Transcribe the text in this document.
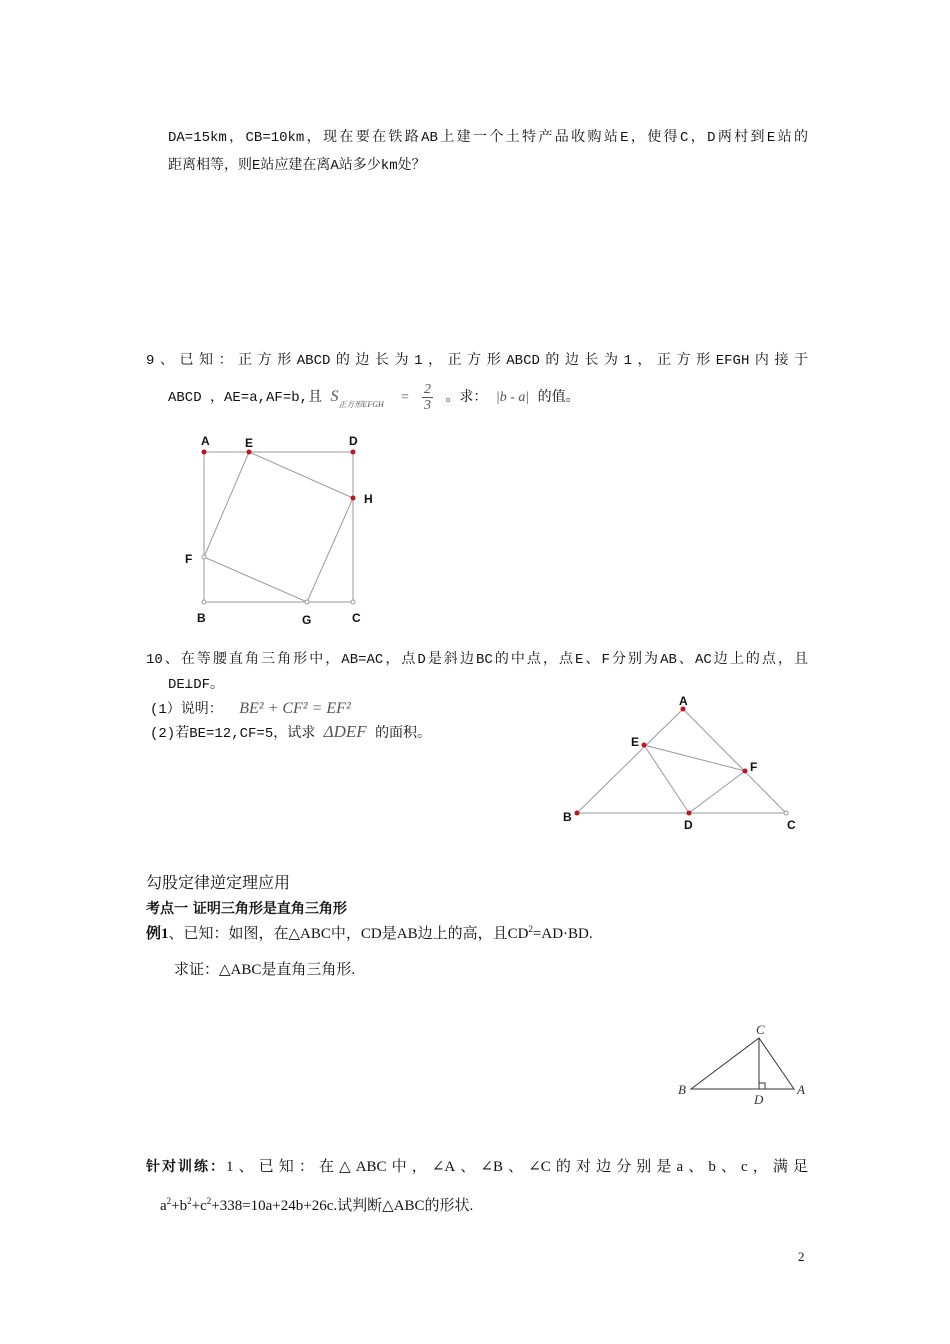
DA=15km，CB=10km，现在要在铁路AB上建一个土特产品收购站E，使得C，D两村到E站的
距离相等，则E站应建在离A站多少km处？
9、已知：正方形ABCD的边长为1，正方形ABCD的边长为1，正方形EFGH内接于
ABCD ，AE=a,AF=b,且 $S_{正方形EFGH} = \frac{2}{3}$ 。求： |b - a| 的值。
A	E	D
H
F
B	G	C
10、在等腰直角三角形中，AB=AC，点D是斜边BC的中点，点E、F分别为AB、AC边上的点，且
DE⊥DF。
(1）说明： BE² + CF² = EF²
(2)若BE=12,CF=5，试求 ΔDEF 的面积。
A
E
F
B
D	C
勾股定律逆定理应用
考点一 证明三角形是直角三角形
例1、已知：如图，在△ABC中，CD是AB边上的高，且$CD^2=AD\cdot BD$.
求证：△ABC是直角三角形.
C
B
D
A
针对训练： 1、已知：在△ABC中，∠A、∠B、∠C的对边分别是a、b、c，满足
$a^2+b^2+c^2+338=10a+24b+26c$.试判断△ABC的形状.
2
